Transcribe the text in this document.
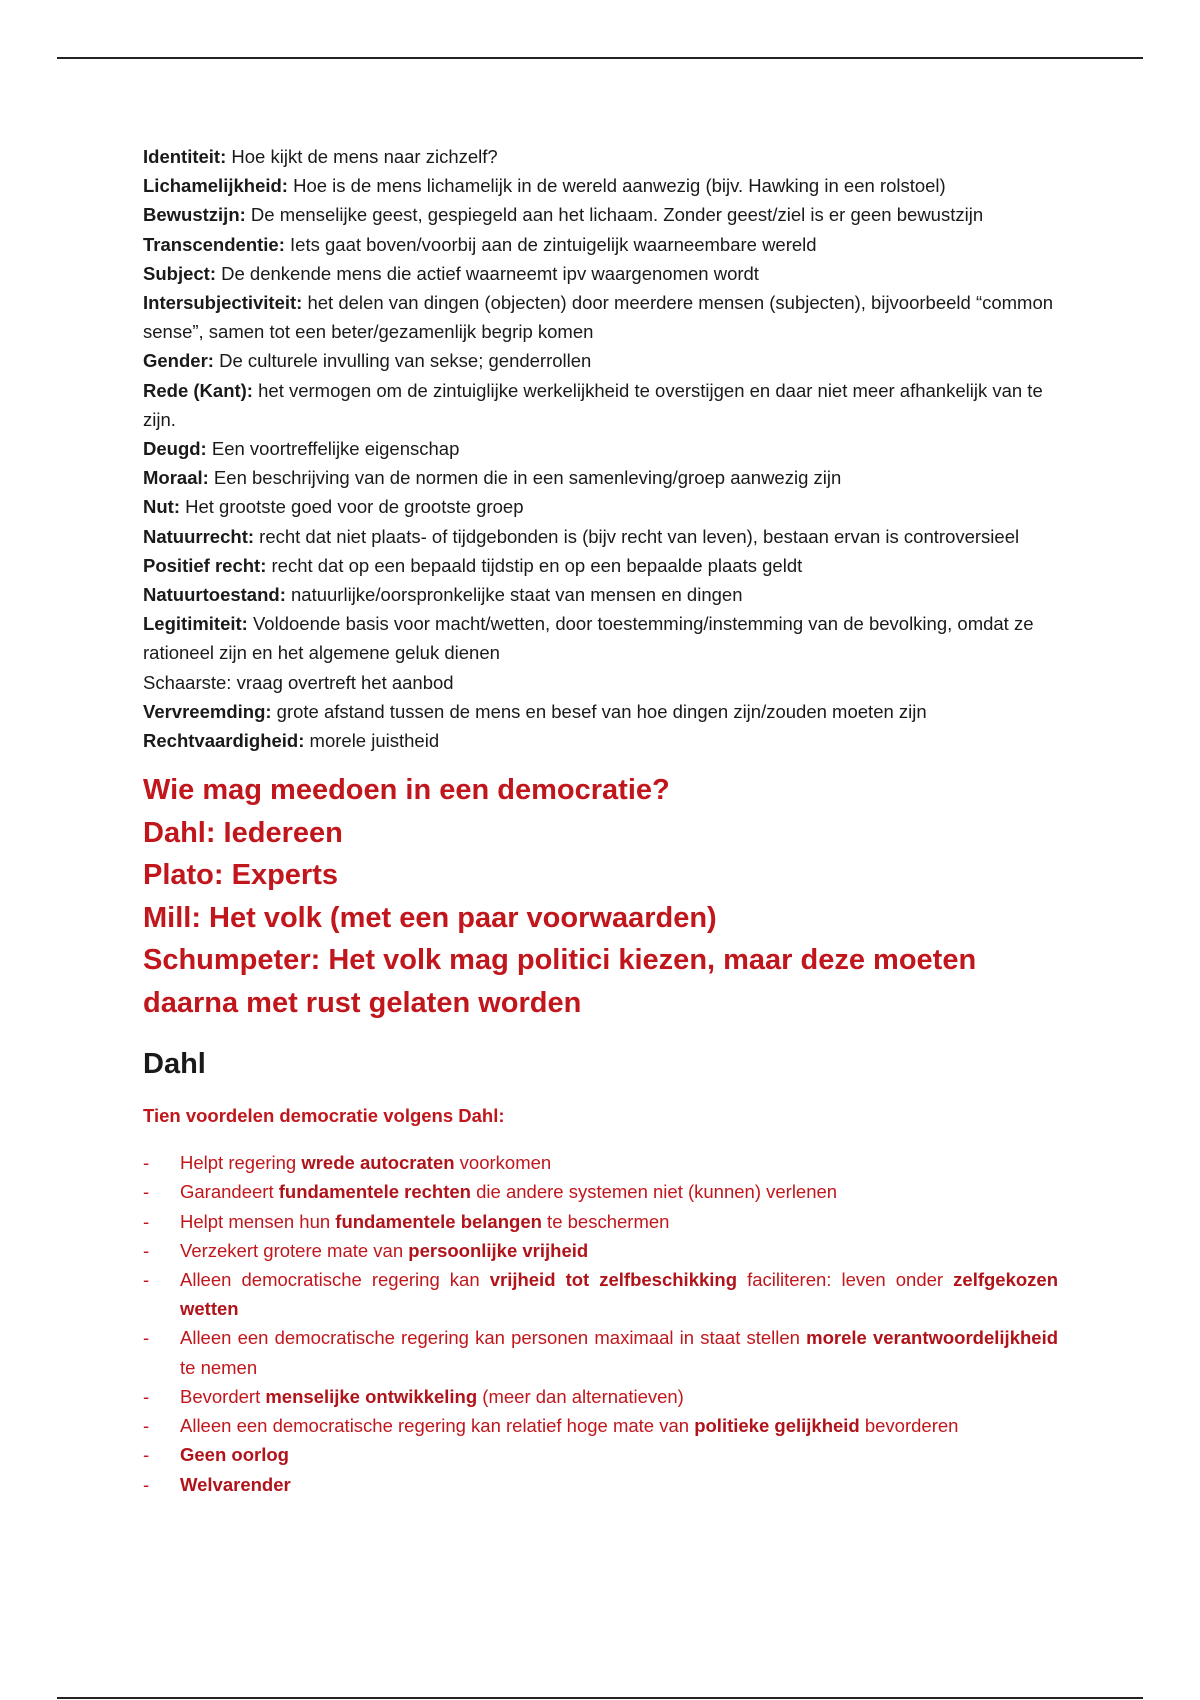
Identiteit: Hoe kijkt de mens naar zichzelf?

Lichamelijkheid: Hoe is de mens lichamelijk in de wereld aanwezig (bijv. Hawking in een rolstoel)

Bewustzijn: De menselijke geest, gespiegeld aan het lichaam. Zonder geest/ziel is er geen bewustzijn

Transcendentie: Iets gaat boven/voorbij aan de zintuigelijk waarneembare wereld

Subject: De denkende mens die actief waarneemt ipv waargenomen wordt

Intersubjectiviteit: het delen van dingen (objecten) door meerdere mensen (subjecten), bijvoorbeeld “common sense”, samen tot een beter/gezamenlijk begrip komen

Gender: De culturele invulling van sekse; genderrollen

Rede (Kant): het vermogen om de zintuiglijke werkelijkheid te overstijgen en daar niet meer afhankelijk van te zijn.

Deugd: Een voortreffelijke eigenschap

Moraal: Een beschrijving van de normen die in een samenleving/groep aanwezig zijn

Nut: Het grootste goed voor de grootste groep

Natuurrecht: recht dat niet plaats- of tijdgebonden is (bijv recht van leven), bestaan ervan is controversieel

Positief recht: recht dat op een bepaald tijdstip en op een bepaalde plaats geldt

Natuurtoestand: natuurlijke/oorspronkelijke staat van mensen en dingen

Legitimiteit: Voldoende basis voor macht/wetten, door toestemming/instemming van de bevolking, omdat ze rationeel zijn en het algemene geluk dienen

Schaarste: vraag overtreft het aanbod

Vervreemding: grote afstand tussen de mens en besef van hoe dingen zijn/zouden moeten zijn

Rechtvaardigheid: morele juistheid

Wie mag meedoen in een democratie?

Dahl: Iedereen

Plato: Experts

Mill: Het volk (met een paar voorwaarden)

Schumpeter: Het volk mag politici kiezen, maar deze moeten daarna met rust gelaten worden

Dahl

Tien voordelen democratie volgens Dahl:

- Helpt regering wrede autocraten voorkomen
- Garandeert fundamentele rechten die andere systemen niet (kunnen) verlenen
- Helpt mensen hun fundamentele belangen te beschermen
- Verzekert grotere mate van persoonlijke vrijheid
- Alleen democratische regering kan vrijheid tot zelfbeschikking faciliteren: leven onder zelfgekozen wetten
- Alleen een democratische regering kan personen maximaal in staat stellen morele verantwoordelijkheid te nemen
- Bevordert menselijke ontwikkeling (meer dan alternatieven)
- Alleen een democratische regering kan relatief hoge mate van politieke gelijkheid bevorderen
- Geen oorlog
- Welvarender
